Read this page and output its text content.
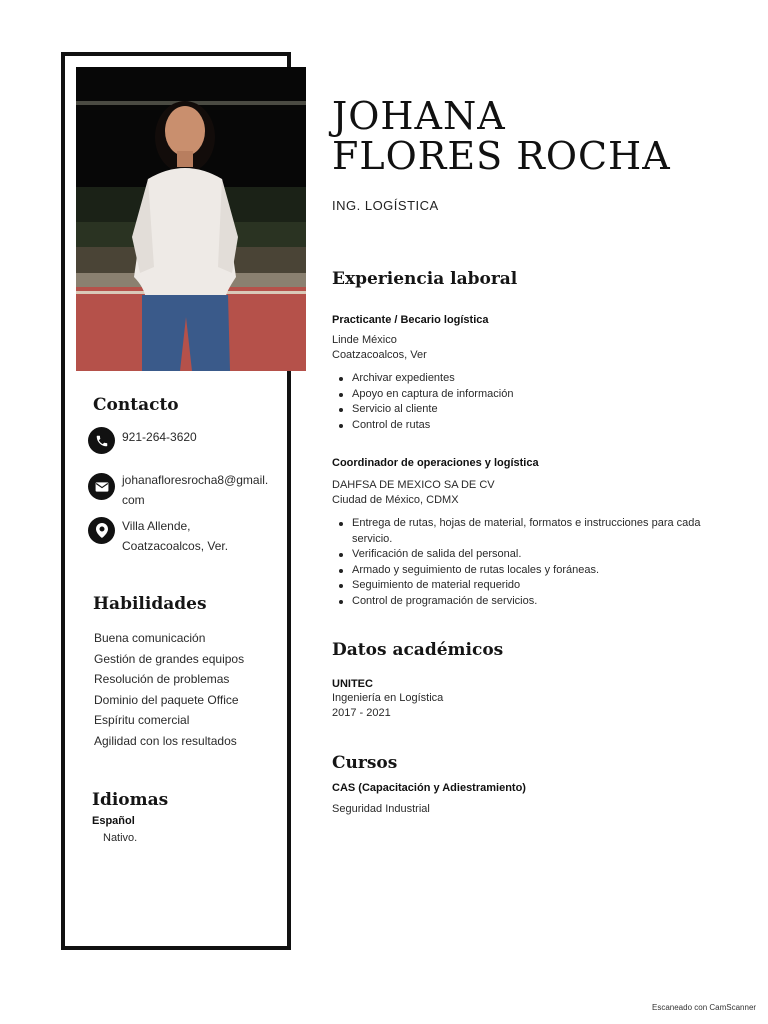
Contacto
921-264-3620
johanafloresrocha8@gmail.
com
Villa Allende,
Coatzacoalcos, Ver.
Habilidades
Buena comunicación
Gestión de grandes equipos
Resolución de problemas
Dominio del paquete Office
Espíritu comercial
Agilidad con los resultados
Idiomas
Español
Nativo.
JOHANA
FLORES ROCHA
ING. LOGÍSTICA
Experiencia laboral
Practicante / Becario logística
Linde México
Coatzacoalcos, Ver
Archivar expedientes
Apoyo en captura de información
Servicio al cliente
Control de rutas
Coordinador de operaciones y logística
DAHFSA DE MEXICO SA DE CV
Ciudad de México, CDMX
Entrega de rutas, hojas de material, formatos e instrucciones para cada servicio.
Verificación de salida del personal.
Armado y seguimiento de rutas locales y foráneas.
Seguimiento de material requerido
Control de programación de servicios.
Datos académicos
UNITEC
Ingeniería en Logística
2017 - 2021
Cursos
CAS (Capacitación y Adiestramiento)
Seguridad Industrial
Escaneado con CamScanner
